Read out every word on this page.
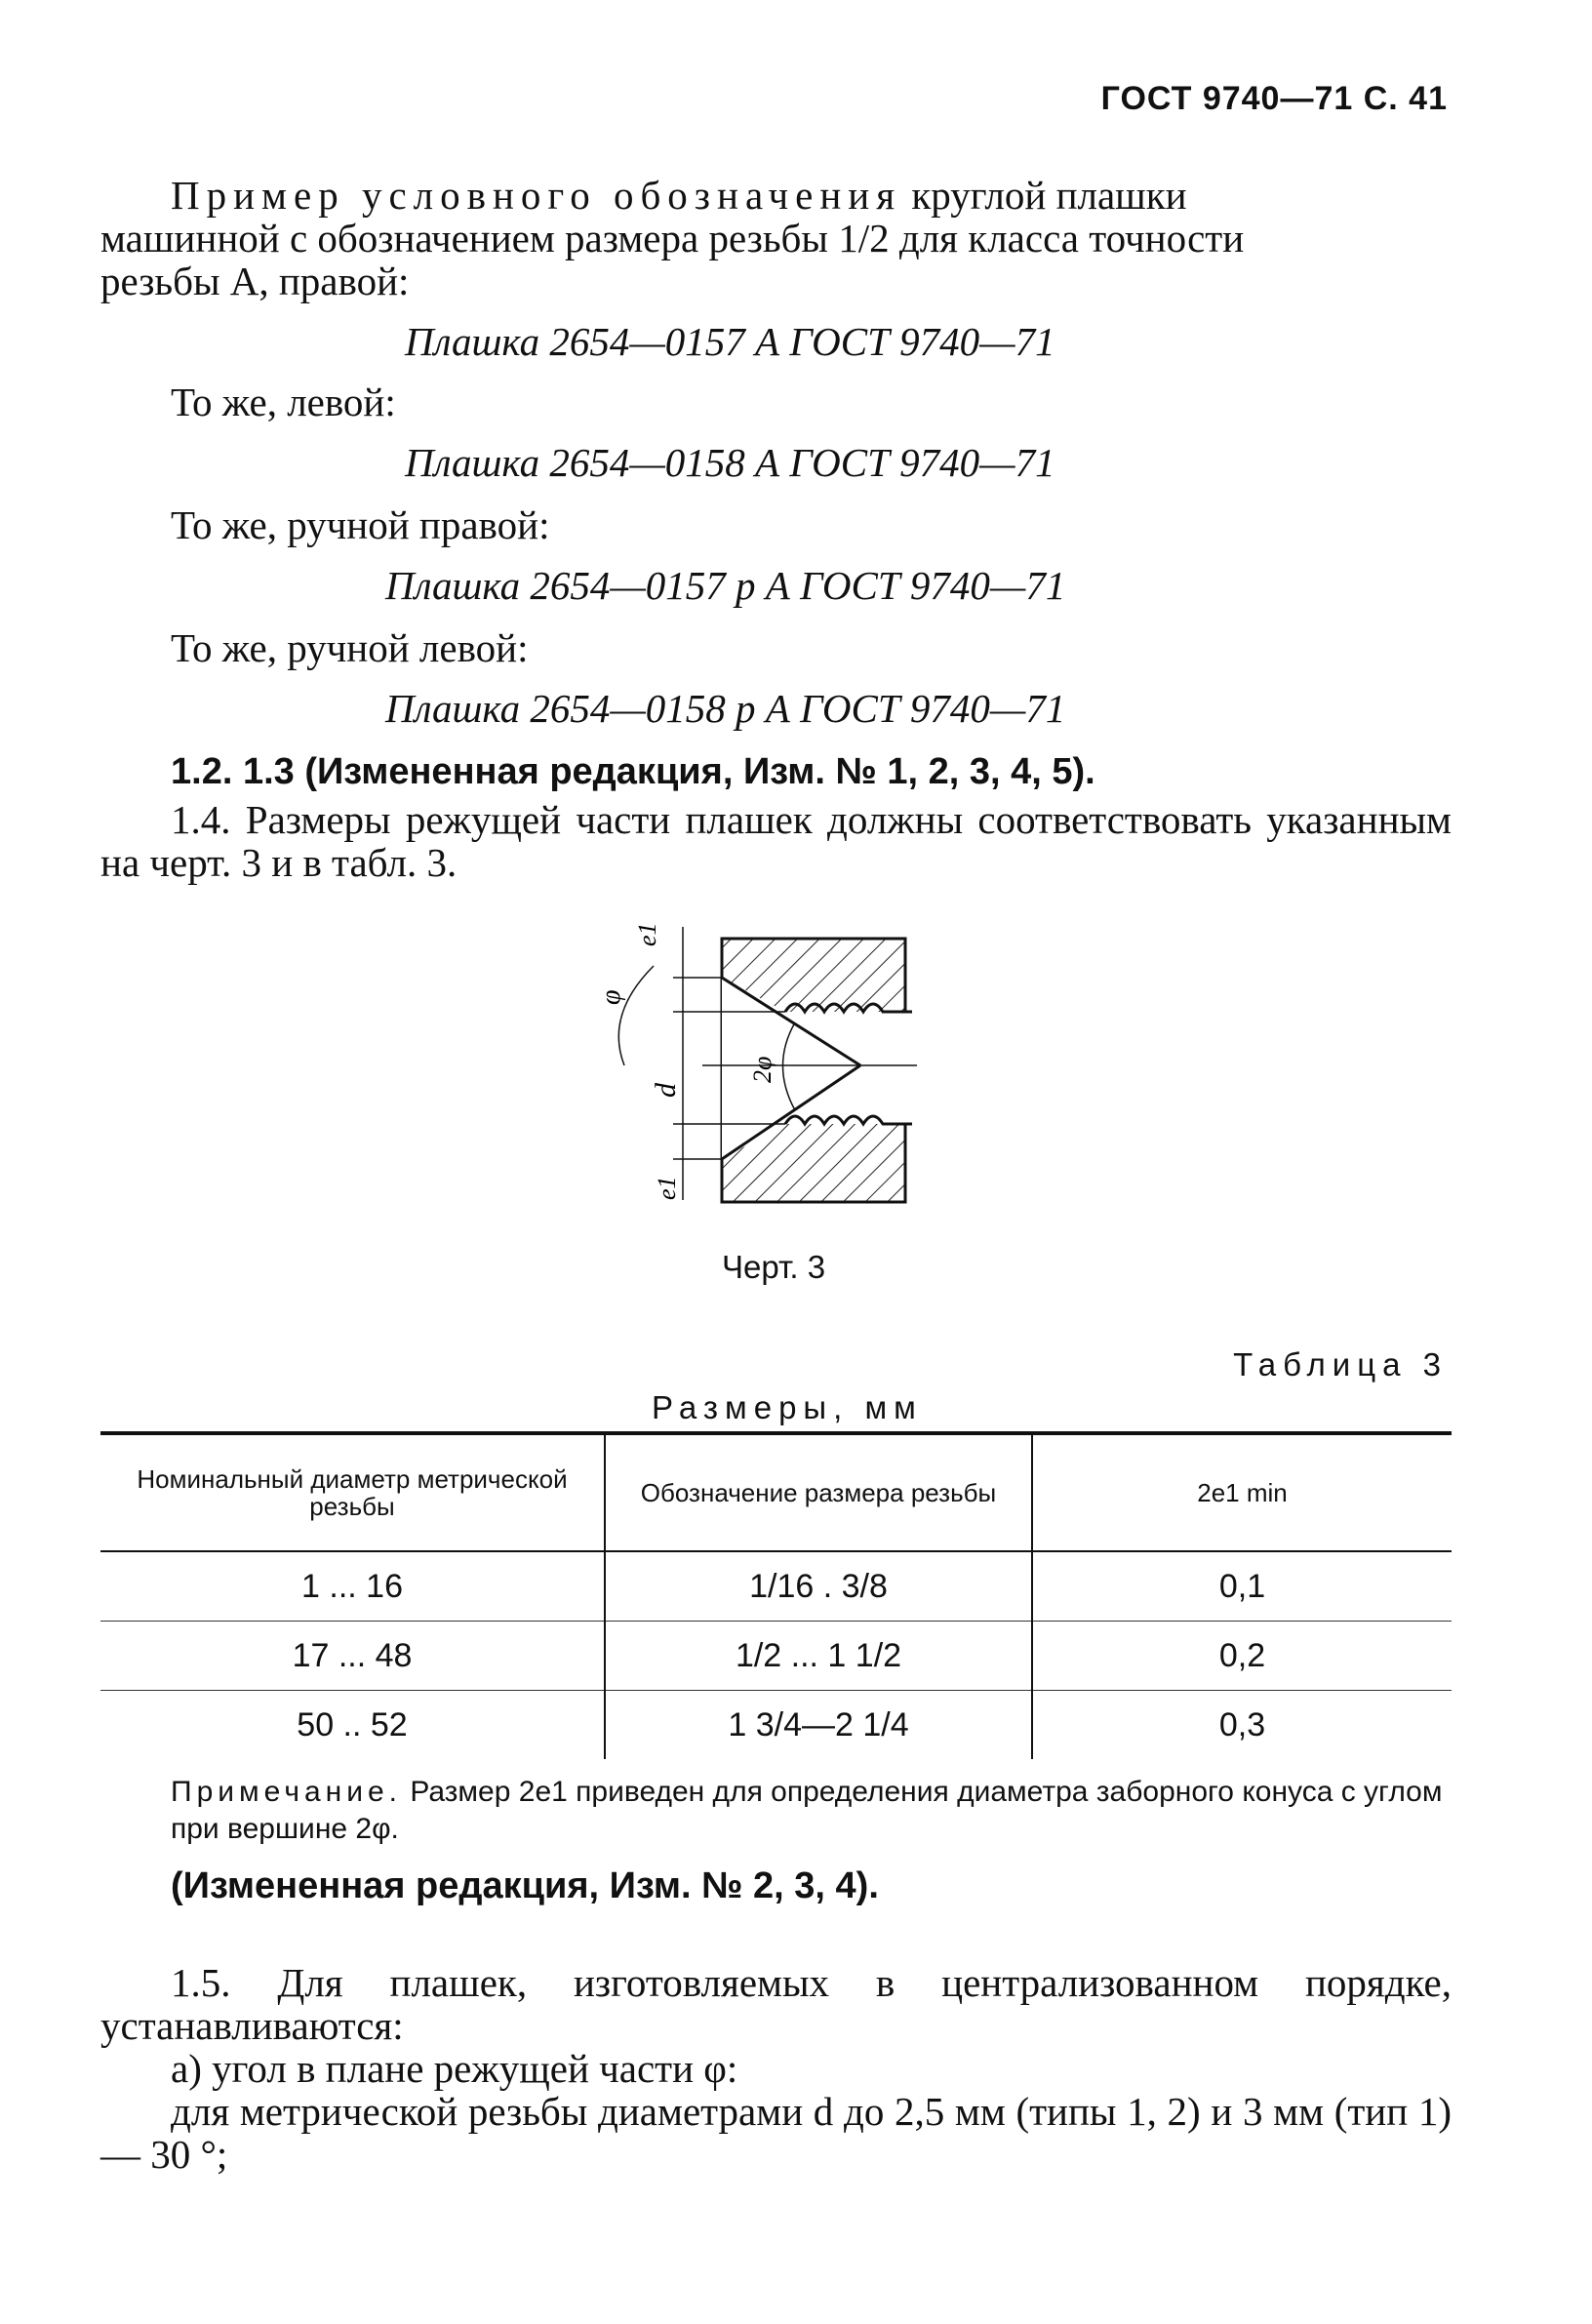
ГОСТ 9740—71 С. 41
Пример условного обозначения круглой плашки
машинной с обозначением размера резьбы 1/2 для класса точности
резьбы А, правой:
Плашка 2654—0157 А ГОСТ 9740—71
То же, левой:
Плашка 2654—0158 А ГОСТ 9740—71
То же, ручной правой:
Плашка 2654—0157 р А ГОСТ 9740—71
То же, ручной левой:
Плашка 2654—0158 р А ГОСТ 9740—71
1.2. 1.3 (Измененная редакция, Изм. № 1, 2, 3, 4, 5).
1.4. Размеры режущей части плашек должны соответствовать указанным на черт. 3 и в табл. 3.
e1
φ
d
2φ
e1
Черт. 3
Таблица 3
Размеры, мм
Номинальный диаметр метрической резьбы	Обозначение размера резьбы	2e1 min
1 ... 16	1/16 . 3/8	0,1
17 ... 48	1/2 ... 1 1/2	0,2
50 .. 52	1 3/4—2 1/4	0,3
Примечание. Размер 2e1 приведен для определения диаметра заборного конуса с углом при вершине 2φ.
(Измененная редакция, Изм. № 2, 3, 4).
1.5. Для плашек, изготовляемых в централизованном порядке, устанавливаются:
а) угол в плане режущей части φ:
для метрической резьбы диаметрами d до 2,5 мм (типы 1, 2) и 3 мм (тип 1) — 30 °;
